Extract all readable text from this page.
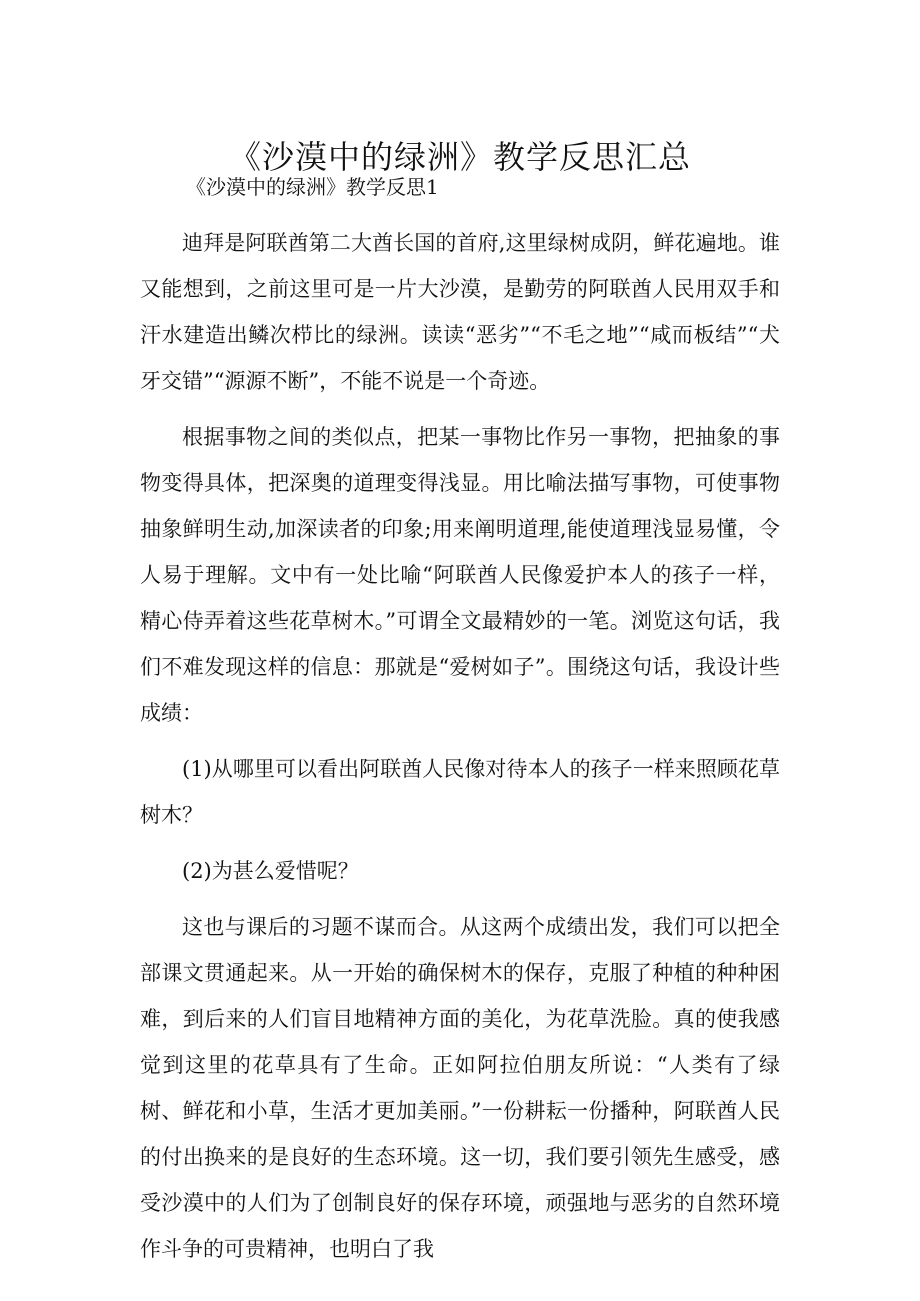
《沙漠中的绿洲》教学反思汇总
《沙漠中的绿洲》教学反思1

迪拜是阿联酋第二大酋长国的首府,这里绿树成阴，鲜花遍地。谁又能想到，之前这里可是一片大沙漠，是勤劳的阿联酋人民用双手和汗水建造出鳞次栉比的绿洲。读读“恶劣”“不毛之地”“咸而板结”“犬牙交错”“源源不断”，不能不说是一个奇迹。

根据事物之间的类似点，把某一事物比作另一事物，把抽象的事物变得具体，把深奥的道理变得浅显。用比喻法描写事物，可使事物抽象鲜明生动,加深读者的印象;用来阐明道理,能使道理浅显易懂，令人易于理解。文中有一处比喻“阿联酋人民像爱护本人的孩子一样，精心侍弄着这些花草树木。”可谓全文最精妙的一笔。浏览这句话，我们不难发现这样的信息：那就是“爱树如子”。围绕这句话，我设计些成绩：

(1)从哪里可以看出阿联酋人民像对待本人的孩子一样来照顾花草树木？

(2)为甚么爱惜呢？

这也与课后的习题不谋而合。从这两个成绩出发，我们可以把全部课文贯通起来。从一开始的确保树木的保存，克服了种植的种种困难，到后来的人们盲目地精神方面的美化，为花草洗脸。真的使我感觉到这里的花草具有了生命。正如阿拉伯朋友所说：“人类有了绿树、鲜花和小草，生活才更加美丽。”一份耕耘一份播种，阿联酋人民的付出换来的是良好的生态环境。这一切，我们要引领先生感受，感受沙漠中的人们为了创制良好的保存环境，顽强地与恶劣的自然环境作斗争的可贵精神，也明白了我
